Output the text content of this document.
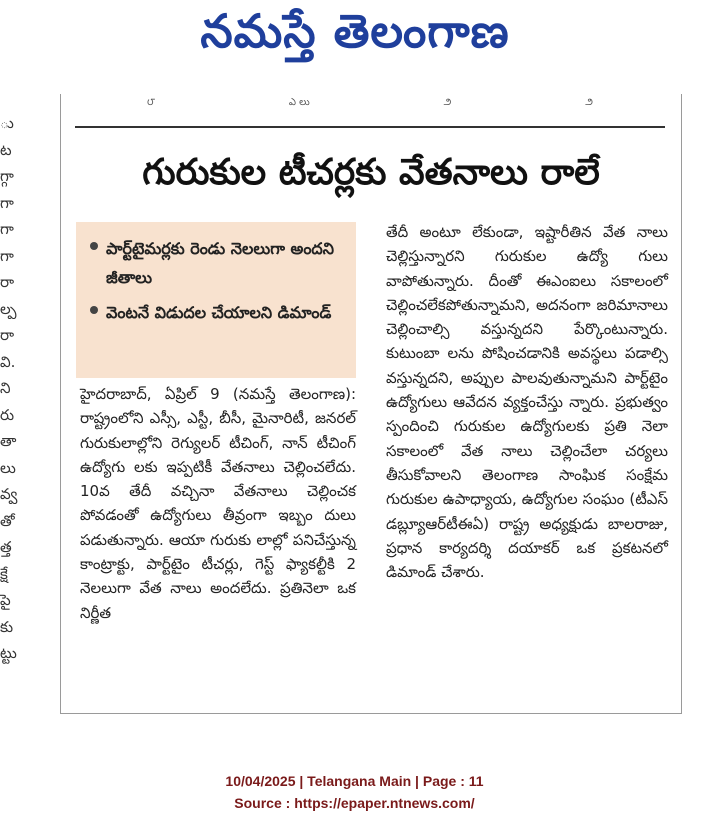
నమస్తే తెలంగాణ
ు
ట
గ్గా
గా
గా
గా
రా
ల్ప
రా
వి.
ని
రు
తా
లు
వ్వ
తో
త్త
క్షే
పై
కు
ట్టు
౮	ఎ లు	౨	౨
గురుకుల టీచర్లకు వేతనాలు రాలే
పార్ట్‌టైమర్లకు రెండు నెలలుగా అందని జీతాలు
వెంటనే విడుదల చేయాలని డిమాండ్
హైదరాబాద్, ఏప్రిల్ 9 (నమస్తే తెలంగాణ): రాష్ట్రంలోని ఎస్సీ, ఎస్టీ, బీసీ, మైనారిటీ, జనరల్ గురుకులాల్లోని రెగ్యులర్ టీచింగ్, నాన్ టీచింగ్ ఉద్యోగు లకు ఇప్పటికీ వేతనాలు చెల్లించలేదు. 10వ తేదీ వచ్చినా వేతనాలు చెల్లించక పోవడంతో ఉద్యోగులు తీవ్రంగా ఇబ్బం దులు పడుతున్నారు. ఆయా గురుకు లాల్లో పనిచేస్తున్న కాంట్రాక్టు, పార్ట్‌టైం టీచర్లు, గెస్ట్ ఫ్యాకల్టీకి 2 నెలలుగా వేత నాలు అందలేదు. ప్రతినెలా ఒక నిర్ణీత
తేదీ అంటూ లేకుండా, ఇష్టారీతిన వేత నాలు చెల్లిస్తున్నారని గురుకుల ఉద్యో గులు వాపోతున్నారు. దీంతో ఈఎంఐలు సకాలంలో చెల్లించలేకపోతున్నామని, అదనంగా జరిమానాలు చెల్లించాల్సి వస్తున్నదని పేర్కొంటున్నారు. కుటుంబా లను పోషించడానికి అవస్థలు పడాల్సి వస్తున్నదని, అప్పుల పాలవుతున్నామని పార్ట్‌టైం ఉద్యోగులు ఆవేదన వ్యక్తంచేస్తు న్నారు. ప్రభుత్వం స్పందించి గురుకుల ఉద్యోగులకు ప్రతి నెలా సకాలంలో వేత నాలు చెల్లించేలా చర్యలు తీసుకోవాలని తెలంగాణ సాంఘిక సంక్షేమ గురుకుల ఉపాధ్యాయ, ఉద్యోగుల సంఘం (టీఎస్ డబ్ల్యూఆర్‌టీఈఏ) రాష్ట్ర అధ్యక్షుడు బాలరాజు, ప్రధాన కార్యదర్శి దయాకర్ ఒక ప్రకటనలో డిమాండ్ చేశారు.
10/04/2025 | Telangana Main | Page : 11
Source : https://epaper.ntnews.com/
